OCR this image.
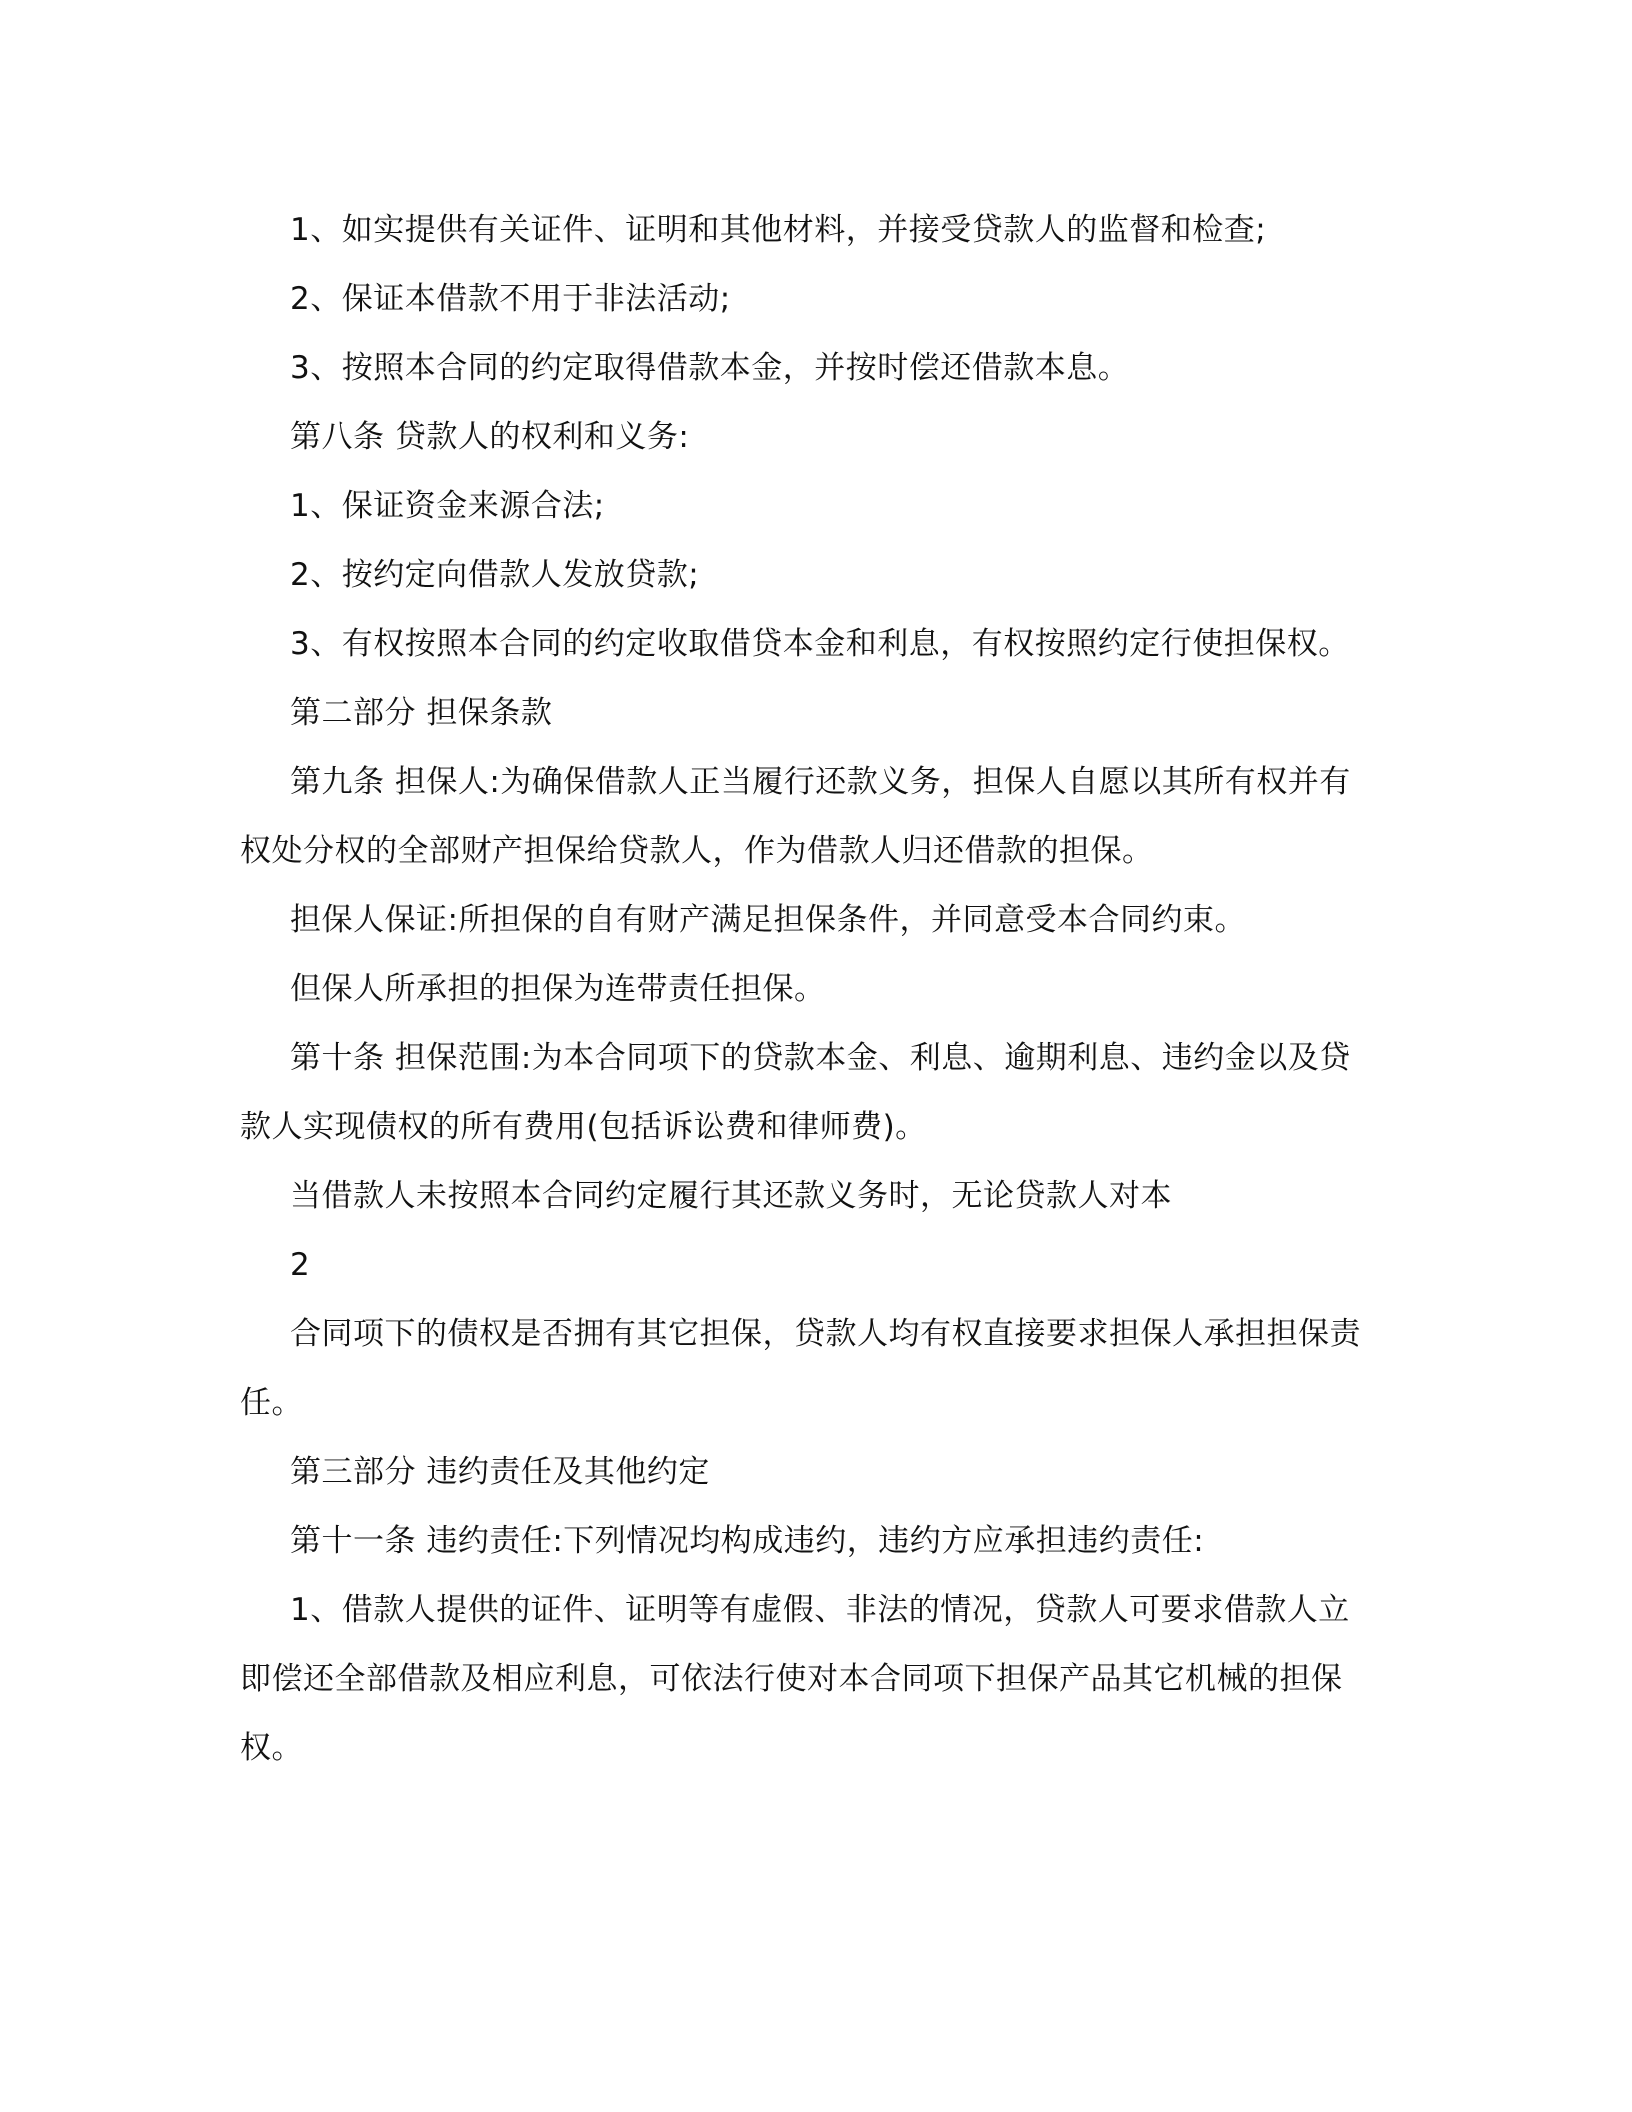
1、如实提供有关证件、证明和其他材料，并接受贷款人的监督和检查;

2、保证本借款不用于非法活动;

3、按照本合同的约定取得借款本金，并按时偿还借款本息。

第八条 贷款人的权利和义务:

1、保证资金来源合法;

2、按约定向借款人发放贷款;

3、有权按照本合同的约定收取借贷本金和利息，有权按照约定行使担保权。

第二部分 担保条款

第九条 担保人:为确保借款人正当履行还款义务，担保人自愿以其所有权并有权处分权的全部财产担保给贷款人，作为借款人归还借款的担保。

担保人保证:所担保的自有财产满足担保条件，并同意受本合同约束。

但保人所承担的担保为连带责任担保。

第十条 担保范围:为本合同项下的贷款本金、利息、逾期利息、违约金以及贷款人实现债权的所有费用(包括诉讼费和律师费)。

当借款人未按照本合同约定履行其还款义务时，无论贷款人对本

2

合同项下的债权是否拥有其它担保，贷款人均有权直接要求担保人承担担保责任。

第三部分 违约责任及其他约定

第十一条 违约责任:下列情况均构成违约，违约方应承担违约责任:

1、借款人提供的证件、证明等有虚假、非法的情况，贷款人可要求借款人立即偿还全部借款及相应利息，可依法行使对本合同项下担保产品其它机械的担保权。
